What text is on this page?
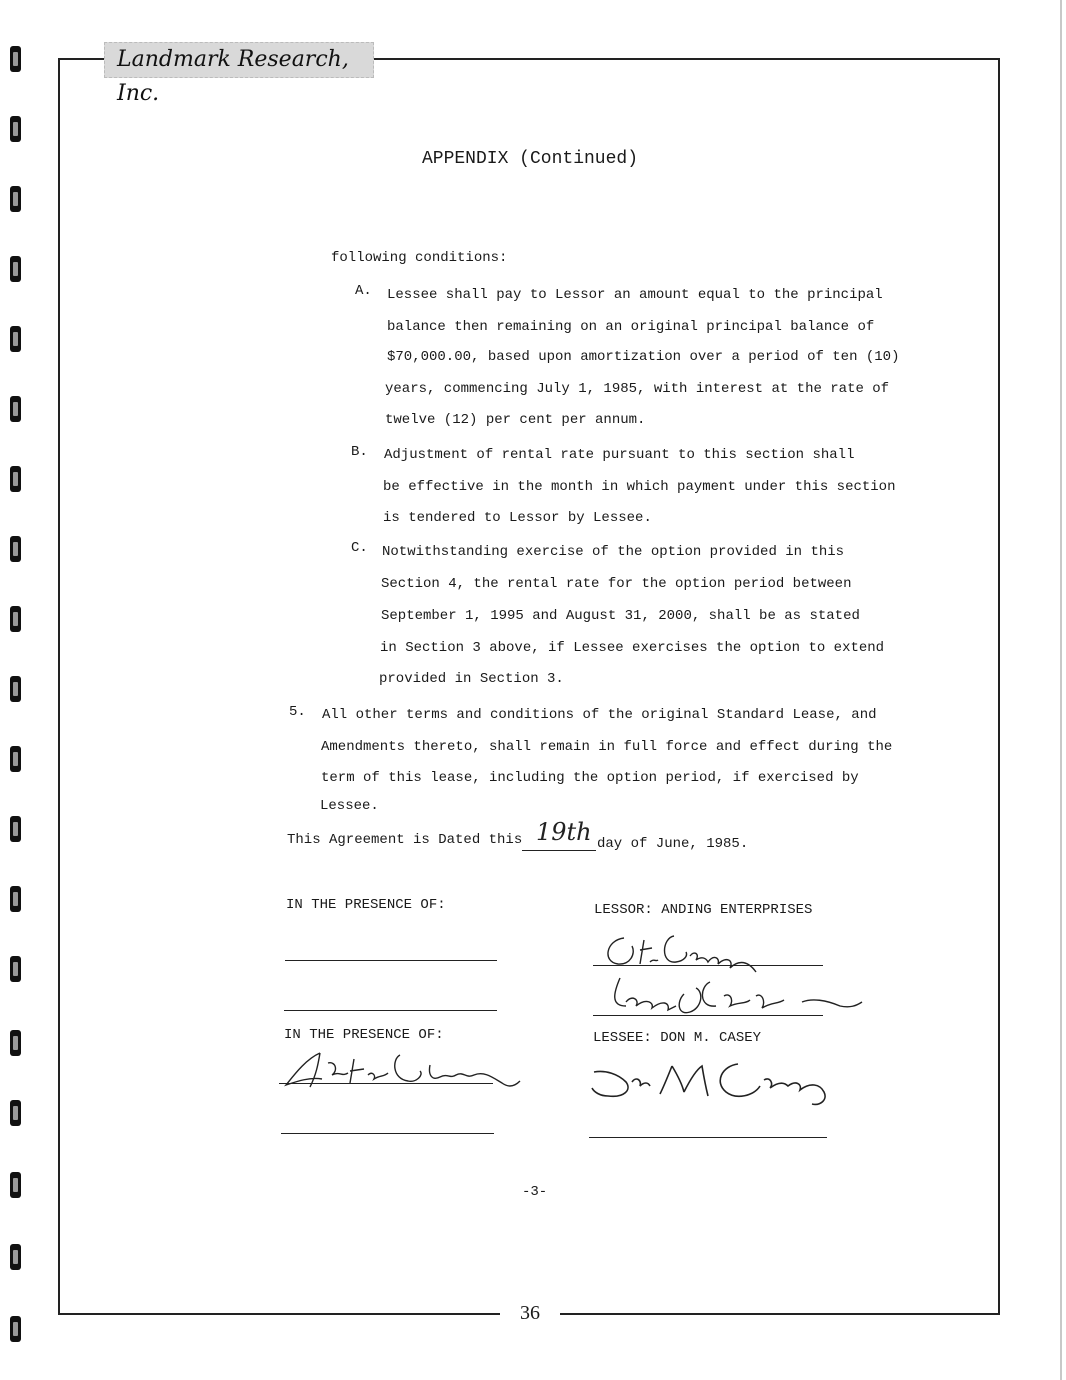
Landmark Research, Inc.
36
APPENDIX (Continued)
following conditions:
A. Lessee shall pay to Lessor an amount equal to the principal
balance then remaining on an original principal balance of
$70,000.00, based upon amortization over a period of ten (10)
years, commencing July 1, 1985, with interest at the rate of
twelve (12) per cent per annum.
B. Adjustment of rental rate pursuant to this section shall
be effective in the month in which payment under this section
is tendered to Lessor by Lessee.
C. Notwithstanding exercise of the option provided in this
Section 4, the rental rate for the option period between
September 1, 1995 and August 31, 2000, shall be as stated
in Section 3 above, if Lessee exercises the option to extend
provided in Section 3.
5. All other terms and conditions of the original Standard Lease, and
Amendments thereto, shall remain in full force and effect during the
term of this lease, including the option period, if exercised by
Lessee.
This Agreement is Dated this 19th day of June, 1985.
IN THE PRESENCE OF:	LESSOR: ANDING ENTERPRISES
IN THE PRESENCE OF:	LESSEE: DON M. CASEY
-3-
